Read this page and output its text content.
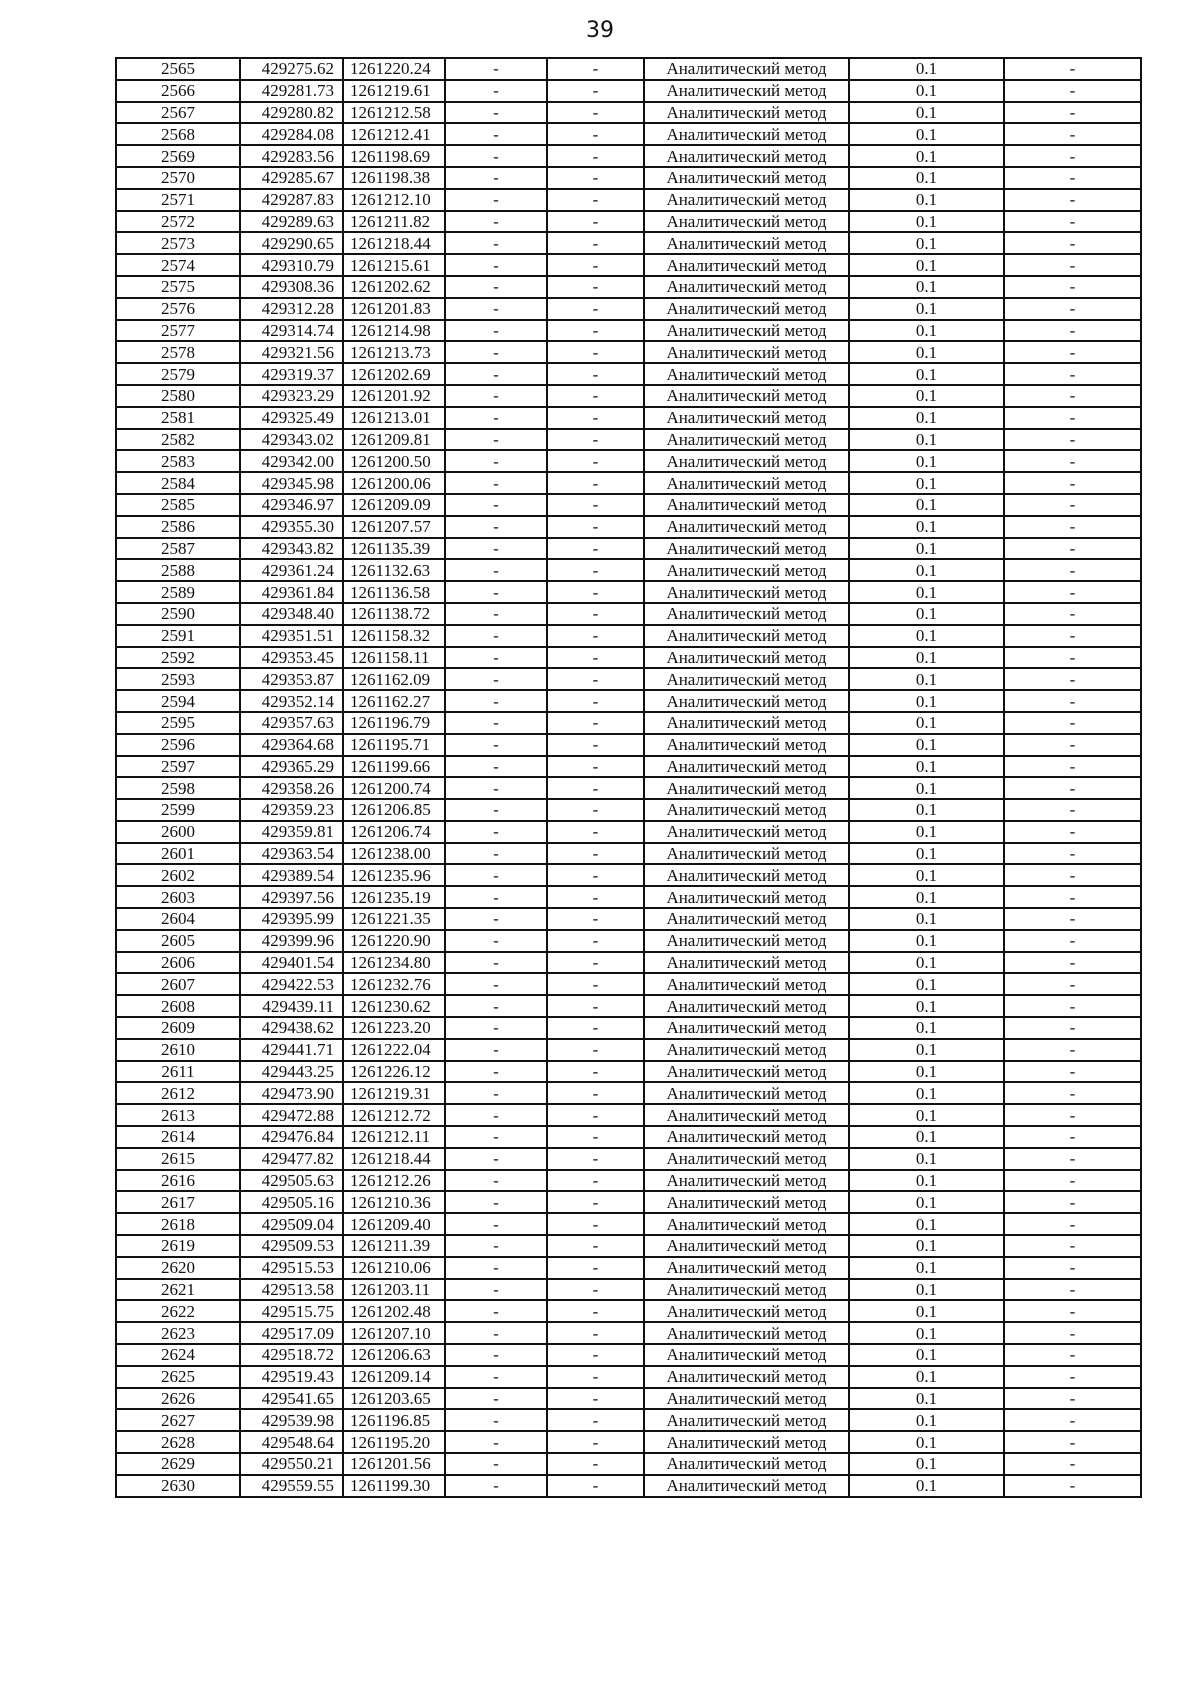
39
2565	429275.62	1261220.24	-	-	Аналитический метод	0.1	-
2566	429281.73	1261219.61	-	-	Аналитический метод	0.1	-
2567	429280.82	1261212.58	-	-	Аналитический метод	0.1	-
2568	429284.08	1261212.41	-	-	Аналитический метод	0.1	-
2569	429283.56	1261198.69	-	-	Аналитический метод	0.1	-
2570	429285.67	1261198.38	-	-	Аналитический метод	0.1	-
2571	429287.83	1261212.10	-	-	Аналитический метод	0.1	-
2572	429289.63	1261211.82	-	-	Аналитический метод	0.1	-
2573	429290.65	1261218.44	-	-	Аналитический метод	0.1	-
2574	429310.79	1261215.61	-	-	Аналитический метод	0.1	-
2575	429308.36	1261202.62	-	-	Аналитический метод	0.1	-
2576	429312.28	1261201.83	-	-	Аналитический метод	0.1	-
2577	429314.74	1261214.98	-	-	Аналитический метод	0.1	-
2578	429321.56	1261213.73	-	-	Аналитический метод	0.1	-
2579	429319.37	1261202.69	-	-	Аналитический метод	0.1	-
2580	429323.29	1261201.92	-	-	Аналитический метод	0.1	-
2581	429325.49	1261213.01	-	-	Аналитический метод	0.1	-
2582	429343.02	1261209.81	-	-	Аналитический метод	0.1	-
2583	429342.00	1261200.50	-	-	Аналитический метод	0.1	-
2584	429345.98	1261200.06	-	-	Аналитический метод	0.1	-
2585	429346.97	1261209.09	-	-	Аналитический метод	0.1	-
2586	429355.30	1261207.57	-	-	Аналитический метод	0.1	-
2587	429343.82	1261135.39	-	-	Аналитический метод	0.1	-
2588	429361.24	1261132.63	-	-	Аналитический метод	0.1	-
2589	429361.84	1261136.58	-	-	Аналитический метод	0.1	-
2590	429348.40	1261138.72	-	-	Аналитический метод	0.1	-
2591	429351.51	1261158.32	-	-	Аналитический метод	0.1	-
2592	429353.45	1261158.11	-	-	Аналитический метод	0.1	-
2593	429353.87	1261162.09	-	-	Аналитический метод	0.1	-
2594	429352.14	1261162.27	-	-	Аналитический метод	0.1	-
2595	429357.63	1261196.79	-	-	Аналитический метод	0.1	-
2596	429364.68	1261195.71	-	-	Аналитический метод	0.1	-
2597	429365.29	1261199.66	-	-	Аналитический метод	0.1	-
2598	429358.26	1261200.74	-	-	Аналитический метод	0.1	-
2599	429359.23	1261206.85	-	-	Аналитический метод	0.1	-
2600	429359.81	1261206.74	-	-	Аналитический метод	0.1	-
2601	429363.54	1261238.00	-	-	Аналитический метод	0.1	-
2602	429389.54	1261235.96	-	-	Аналитический метод	0.1	-
2603	429397.56	1261235.19	-	-	Аналитический метод	0.1	-
2604	429395.99	1261221.35	-	-	Аналитический метод	0.1	-
2605	429399.96	1261220.90	-	-	Аналитический метод	0.1	-
2606	429401.54	1261234.80	-	-	Аналитический метод	0.1	-
2607	429422.53	1261232.76	-	-	Аналитический метод	0.1	-
2608	429439.11	1261230.62	-	-	Аналитический метод	0.1	-
2609	429438.62	1261223.20	-	-	Аналитический метод	0.1	-
2610	429441.71	1261222.04	-	-	Аналитический метод	0.1	-
2611	429443.25	1261226.12	-	-	Аналитический метод	0.1	-
2612	429473.90	1261219.31	-	-	Аналитический метод	0.1	-
2613	429472.88	1261212.72	-	-	Аналитический метод	0.1	-
2614	429476.84	1261212.11	-	-	Аналитический метод	0.1	-
2615	429477.82	1261218.44	-	-	Аналитический метод	0.1	-
2616	429505.63	1261212.26	-	-	Аналитический метод	0.1	-
2617	429505.16	1261210.36	-	-	Аналитический метод	0.1	-
2618	429509.04	1261209.40	-	-	Аналитический метод	0.1	-
2619	429509.53	1261211.39	-	-	Аналитический метод	0.1	-
2620	429515.53	1261210.06	-	-	Аналитический метод	0.1	-
2621	429513.58	1261203.11	-	-	Аналитический метод	0.1	-
2622	429515.75	1261202.48	-	-	Аналитический метод	0.1	-
2623	429517.09	1261207.10	-	-	Аналитический метод	0.1	-
2624	429518.72	1261206.63	-	-	Аналитический метод	0.1	-
2625	429519.43	1261209.14	-	-	Аналитический метод	0.1	-
2626	429541.65	1261203.65	-	-	Аналитический метод	0.1	-
2627	429539.98	1261196.85	-	-	Аналитический метод	0.1	-
2628	429548.64	1261195.20	-	-	Аналитический метод	0.1	-
2629	429550.21	1261201.56	-	-	Аналитический метод	0.1	-
2630	429559.55	1261199.30	-	-	Аналитический метод	0.1	-
